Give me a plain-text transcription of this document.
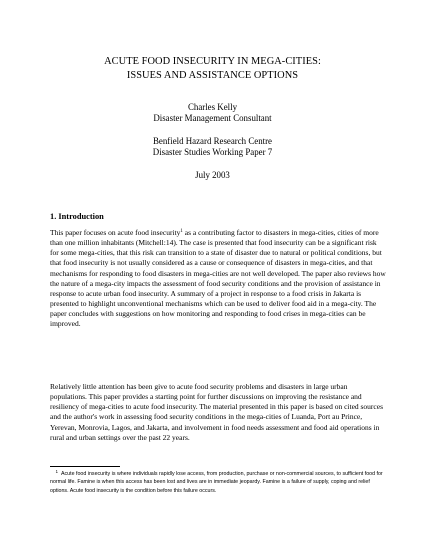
ACUTE FOOD INSECURITY IN MEGA-CITIES:
ISSUES AND ASSISTANCE OPTIONS
Charles Kelly
Disaster Management Consultant
Benfield Hazard Research Centre
Disaster Studies Working Paper 7
July 2003
1. Introduction

This paper focuses on acute food insecurity$^1$ as a contributing factor to disasters in mega-cities, cities of more than one million inhabitants (Mitchell:14). The case is presented that food insecurity can be a significant risk for some mega-cities, that this risk can transition to a state of disaster due to natural or political conditions, but that food insecurity is not usually considered as a cause or consequence of disasters in mega-cities, and that mechanisms for responding to food disasters in mega-cities are not well developed. The paper also reviews how the nature of a mega-city impacts the assessment of food security conditions and the provision of assistance in response to acute urban food insecurity. A summary of a project in response to a food crisis in Jakarta is presented to highlight unconventional mechanisms which can be used to deliver food aid in a mega-city. The paper concludes with suggestions on how monitoring and responding to food crises in mega-cities can be improved.

Relatively little attention has been give to acute food security problems and disasters in large urban populations. This paper provides a starting point for further discussions on improving the resistance and resiliency of mega-cities to acute food insecurity. The material presented in this paper is based on cited sources and the author's work in assessing food security conditions in the mega-cities of Luanda, Port au Prince, Yerevan, Monrovia, Lagos, and Jakarta, and involvement in food needs assessment and food aid operations in rural and urban settings over the past 22 years.

1 Acute food insecurity is where individuals rapidly lose access, from production, purchase or non-commercial sources, to sufficient food for normal life. Famine is when this access has been lost and lives are in immediate jeopardy. Famine is a failure of supply, coping and relief options. Acute food insecurity is the condition before this failure occurs.
